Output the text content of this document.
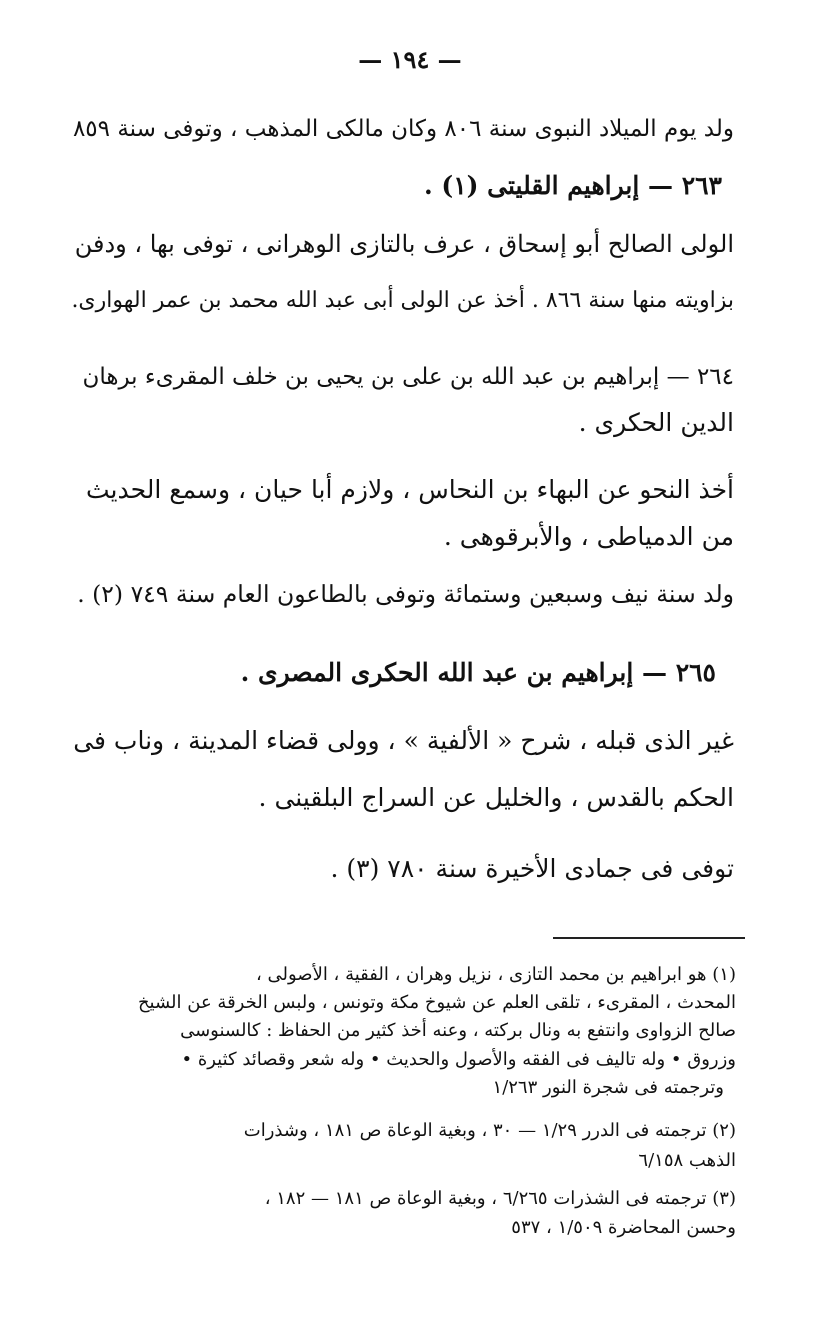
— ١٩٤ —
ولد يوم الميلاد النبوى سنة ٨٠٦ وكان مالكى المذهب ، وتوفى سنة ٨٥٩
٢٦٣ — إبراهيم القليتى (١) .
الولى الصالح أبو إسحاق ، عرف بالتازى الوهرانى ، توفى بها ، ودفن
بزاويته منها سنة ٨٦٦ . أخذ عن الولى أبى عبد الله محمد بن عمر الهوارى.
٢٦٤ — إبراهيم بن عبد الله بن على بن يحيى بن خلف المقرىء برهان
الدين الحكرى .
أخذ النحو عن البهاء بن النحاس ، ولازم أبا حيان ، وسمع الحديث
من الدمياطى ، والأبرقوهى .
ولد سنة نيف وسبعين وستمائة وتوفى بالطاعون العام سنة ٧٤٩ (٢) .
٢٦٥ — إبراهيم بن عبد الله الحكرى المصرى .
غير الذى قبله ، شرح « الألفية » ، وولى قضاء المدينة ، وناب فى
الحكم بالقدس ، والخليل عن السراج البلقينى .
توفى فى جمادى الأخيرة سنة ٧٨٠ (٣) .
(١) هو ابراهيم بن محمد التازى ، نزيل وهران ، الفقية ، الأصولى ،
المحدث ، المقرىء ، تلقى العلم عن شيوخ مكة وتونس ، ولبس الخرقة عن الشيخ
صالح الزواوى وانتفع به ونال بركته ، وعنه أخذ كثير من الحفاظ : كالسنوسى
وزروق • وله تاليف فى الفقه والأصول والحديث • وله شعر وقصائد كثيرة •
وترجمته فى شجرة النور ١/٢٦٣
(٢) ترجمته فى الدرر ١/٢٩ — ٣٠ ، وبغية الوعاة ص ١٨١ ، وشذرات
الذهب ٦/١٥٨
(٣) ترجمته فى الشذرات ٦/٢٦٥ ، وبغية الوعاة ص ١٨١ — ١٨٢ ،
وحسن المحاضرة ١/٥٠٩ ، ٥٣٧
